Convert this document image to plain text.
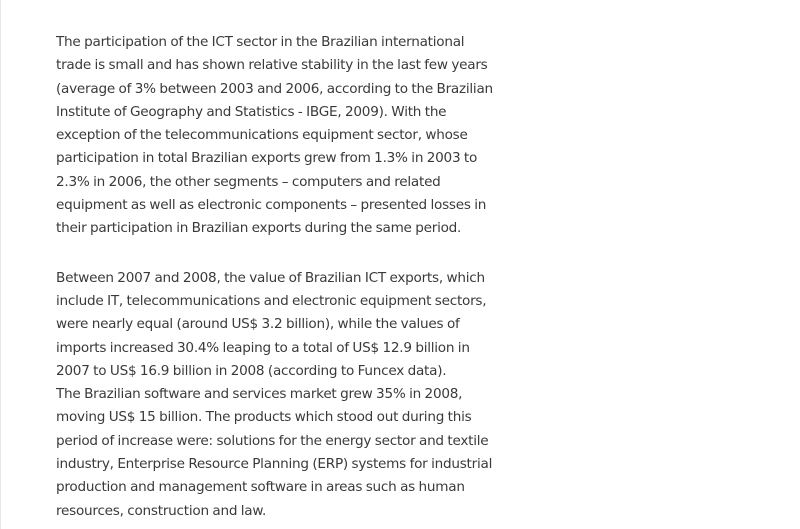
The participation of the ICT sector in the Brazilian international trade is small and has shown relative stability in the last few years (average of 3% between 2003 and 2006, according to the Brazilian Institute of Geography and Statistics - IBGE, 2009). With the exception of the telecommunications equipment sector, whose participation in total Brazilian exports grew from 1.3% in 2003 to 2.3% in 2006, the other segments – computers and related equipment as well as electronic components – presented losses in their participation in Brazilian exports during the same period.

Between 2007 and 2008, the value of Brazilian ICT exports, which include IT, telecommunications and electronic equipment sectors, were nearly equal (around US$ 3.2 billion), while the values of imports increased 30.4% leaping to a total of US$ 12.9 billion in 2007 to US$ 16.9 billion in 2008 (according to Funcex data).

The Brazilian software and services market grew 35% in 2008, moving US$ 15 billion. The products which stood out during this period of increase were: solutions for the energy sector and textile industry, Enterprise Resource Planning (ERP) systems for industrial production and management software in areas such as human resources, construction and law.
